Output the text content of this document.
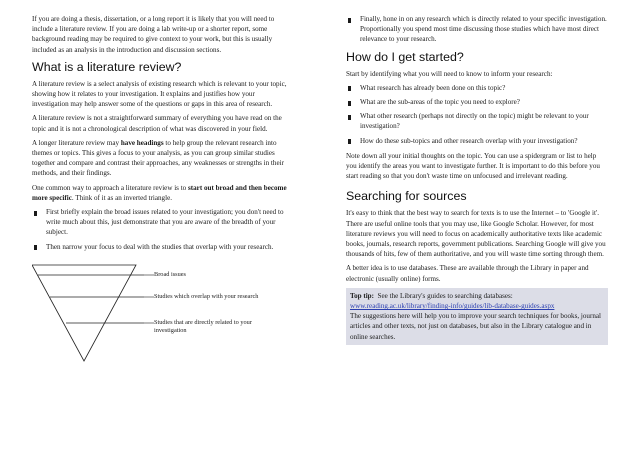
If you are doing a thesis, dissertation, or a long report it is likely that you will need to include a literature review. If you are doing a lab write-up or a shorter report, some background reading may be required to give context to your work, but this is usually included as an analysis in the introduction and discussion sections.

What is a literature review?

A literature review is a select analysis of existing research which is relevant to your topic, showing how it relates to your investigation. It explains and justifies how your investigation may help answer some of the questions or gaps in this area of research.

A literature review is not a straightforward summary of everything you have read on the topic and it is not a chronological description of what was discovered in your field.

A longer literature review may have headings to help group the relevant research into themes or topics. This gives a focus to your analysis, as you can group similar studies together and compare and contrast their approaches, any weaknesses or strengths in their methods, and their findings.

One common way to approach a literature review is to start out broad and then become more specific. Think of it as an inverted triangle.

First briefly explain the broad issues related to your investigation; you don't need to write much about this, just demonstrate that you are aware of the breadth of your subject.
Then narrow your focus to deal with the studies that overlap with your research.
Broad issues
Studies which overlap with your research
Studies that are directly related to your investigation
Finally, hone in on any research which is directly related to your specific investigation. Proportionally you spend most time discussing those studies which have most direct relevance to your research.
How do I get started?

Start by identifying what you will need to know to inform your research:

What research has already been done on this topic?
What are the sub-areas of the topic you need to explore?
What other research (perhaps not directly on the topic) might be relevant to your investigation?
How do these sub-topics and other research overlap with your investigation?

Note down all your initial thoughts on the topic. You can use a spidergram or list to help you identify the areas you want to investigate further. It is important to do this before you start reading so that you don't waste time on unfocused and irrelevant reading.

Searching for sources

It's easy to think that the best way to search for texts is to use the Internet – to 'Google it'. There are useful online tools that you may use, like Google Scholar. However, for most literature reviews you will need to focus on academically authoritative texts like academic books, journals, research reports, government publications. Searching Google will give you thousands of hits, few of them authoritative, and you will waste time sorting through them.

A better idea is to use databases. These are available through the Library in paper and electronic (usually online) forms.

Top tip: See the Library's guides to searching databases:

www.reading.ac.uk/library/finding-info/guides/lib-database-guides.aspx

The suggestions here will help you to improve your search techniques for books, journal articles and other texts, not just on databases, but also in the Library catalogue and in online searches.
